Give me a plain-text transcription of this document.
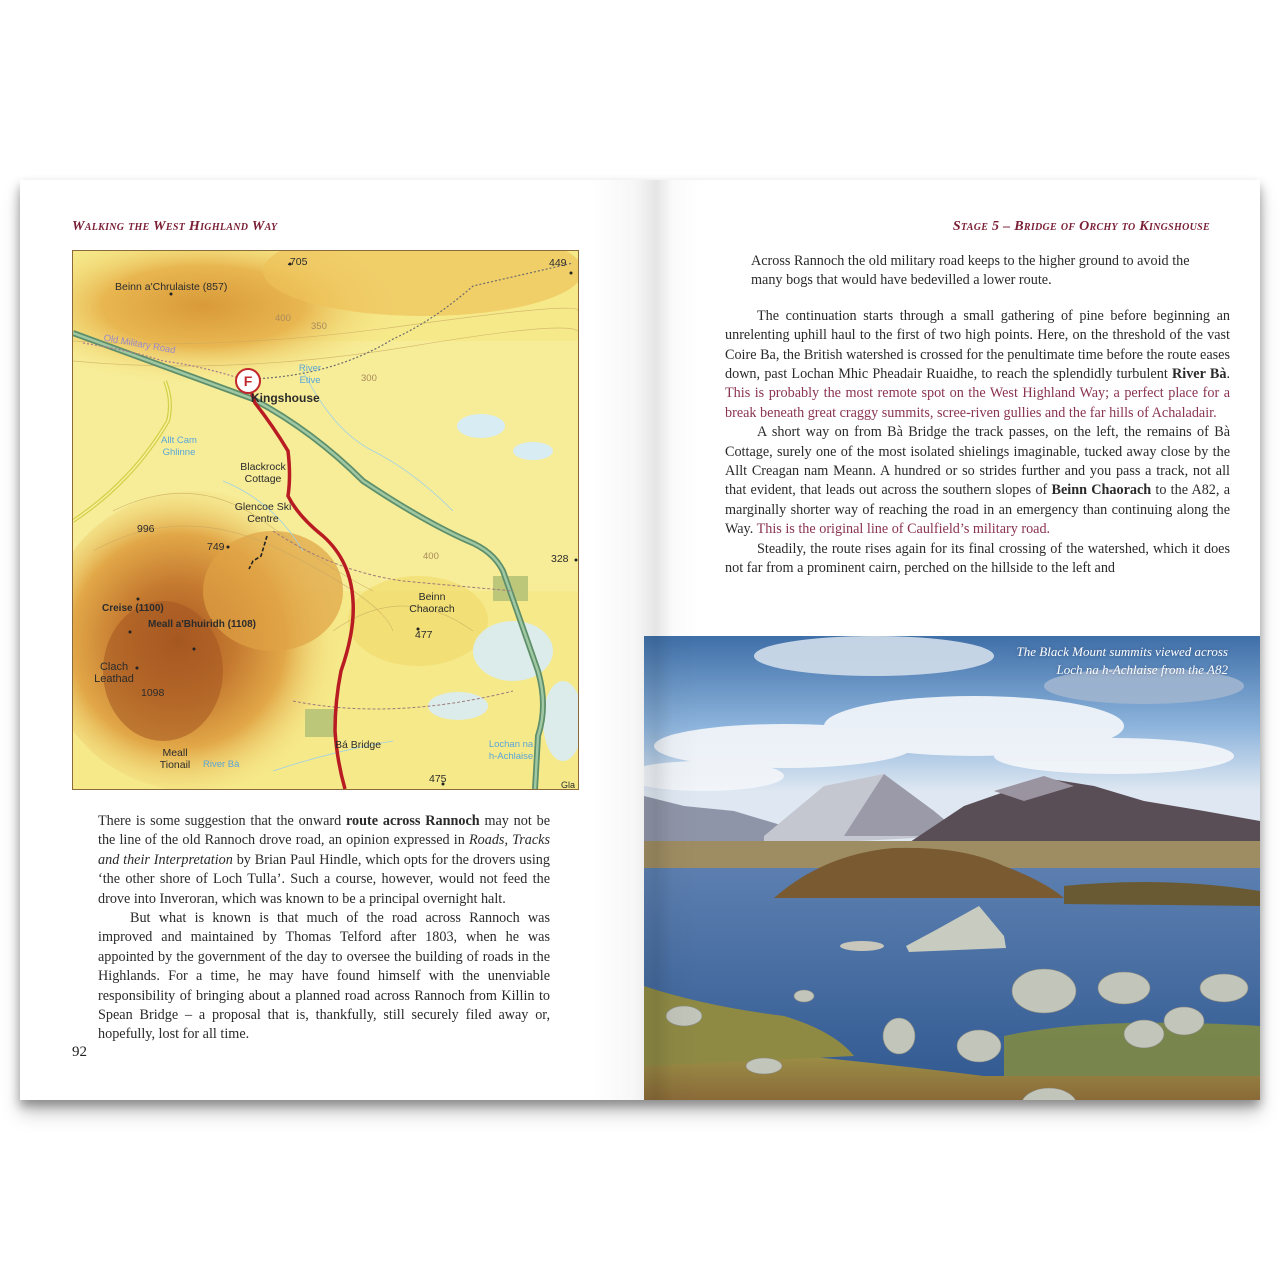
Walking the West Highland Way
F
Beinn a'Chrulaiste (857)
.705	449
Kingshouse
Blackrock Cottage
Glencoe Ski Centre
749
996
Creise (1100)
Meall a'Bhuiridh (1108)
Clach Leathad
1098
Meall Tionail
Beinn Chaorach
477
328
Bá Bridge
475	Gla
River Etive
Allt Cam Ghlinne
River Bà
Lochan na h-Achlaise
Old Military Road
350
300
400
400

There is some suggestion that the onward route across Rannoch may not be the line of the old Rannoch drove road, an opinion expressed in Roads, Tracks and their Interpretation by Brian Paul Hindle, which opts for the drovers using ‘the other shore of Loch Tulla’. Such a course, however, would not feed the drove into Inveroran, which was known to be a principal overnight halt.

But what is known is that much of the road across Rannoch was improved and maintained by Thomas Telford after 1803, when he was appointed by the government of the day to oversee the building of roads in the Highlands. For a time, he may have found himself with the unenviable responsibility of bringing about a planned road across Rannoch from Killin to Spean Bridge – a proposal that is, thankfully, still securely filed away or, hopefully, lost for all time.

92
Stage 5 – Bridge of Orchy to Kingshouse

Across Rannoch the old military road keeps to the higher ground to avoid the many bogs that would have bedevilled a lower route.

The continuation starts through a small gathering of pine before beginning an unrelenting uphill haul to the first of two high points. Here, on the threshold of the vast Coire Ba, the British watershed is crossed for the penultimate time before the route eases down, past Lochan Mhic Pheadair Ruaidhe, to reach the splendidly turbulent River Bà. This is probably the most remote spot on the West Highland Way; a perfect place for a break beneath great craggy summits, scree-riven gullies and the far hills of Achaladair.

A short way on from Bà Bridge the track passes, on the left, the remains of Bà Cottage, surely one of the most isolated shielings imaginable, tucked away close by the Allt Creagan nam Meann. A hundred or so strides further and you pass a track, not all that evident, that leads out across the southern slopes of Beinn Chaorach to the A82, a marginally shorter way of reaching the road in an emergency than continuing along the Way. This is the original line of Caulfield’s military road.

Steadily, the route rises again for its final crossing of the watershed, which it does not far from a prominent cairn, perched on the hillside to the left and

The Black Mount summits viewed across
Loch na h-Achlaise from the A82
